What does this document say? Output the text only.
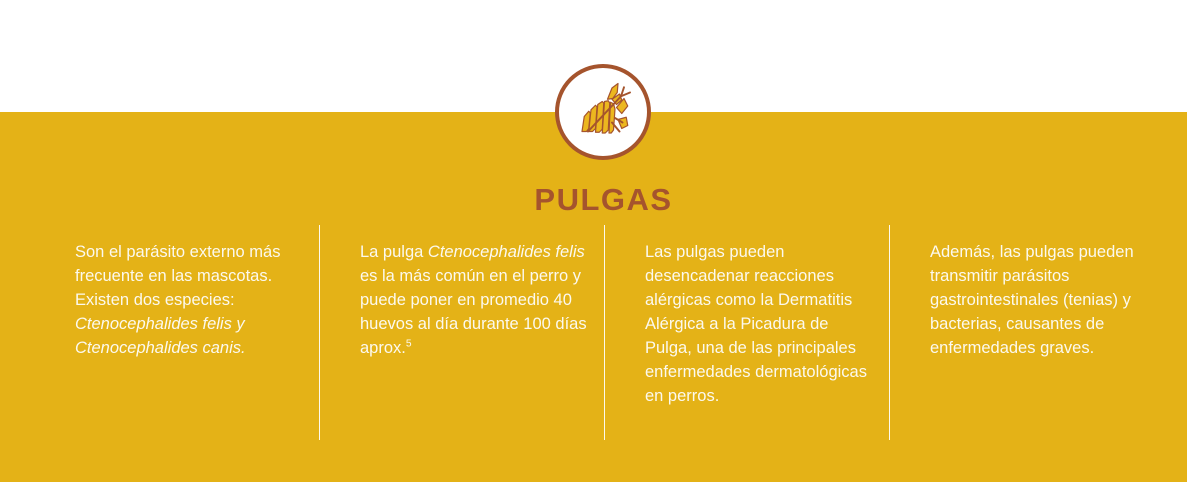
PULGAS

Son el parásito externo más frecuente en las mascotas. Existen dos especies: Ctenocephalides felis y Ctenocephalides canis.

La pulga Ctenocephalides felis es la más común en el perro y puede poner en promedio 40 huevos al día durante 100 días aprox.$^5$

Las pulgas pueden desencadenar reacciones alérgicas como la Dermatitis Alérgica a la Picadura de Pulga, una de las principales enfermedades dermatológicas en perros.

Además, las pulgas pueden transmitir parásitos gastrointestinales (tenias) y bacterias, causantes de enfermedades graves.
